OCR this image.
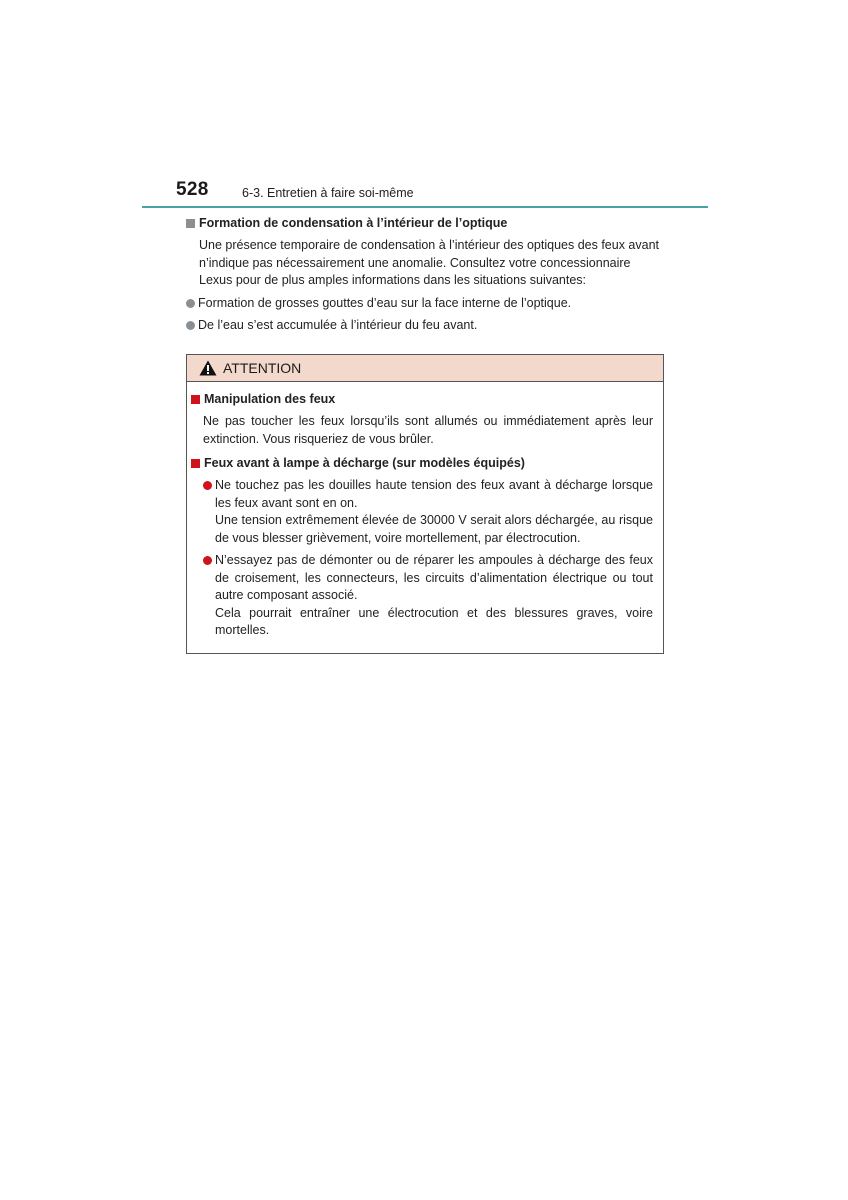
528	6-3. Entretien à faire soi-même
Formation de condensation à l’intérieur de l’optique
Une présence temporaire de condensation à l’intérieur des optiques des feux avant n’indique pas nécessairement une anomalie. Consultez votre concessionnaire Lexus pour de plus amples informations dans les situations suivantes:
Formation de grosses gouttes d’eau sur la face interne de l’optique.
De l’eau s’est accumulée à l’intérieur du feu avant.
ATTENTION
Manipulation des feux
Ne pas toucher les feux lorsqu’ils sont allumés ou immédiatement après leur extinction. Vous risqueriez de vous brûler.
Feux avant à lampe à décharge (sur modèles équipés)
Ne touchez pas les douilles haute tension des feux avant à décharge lorsque les feux avant sont en on.
Une tension extrêmement élevée de 30000 V serait alors déchargée, au risque de vous blesser grièvement, voire mortellement, par électrocution.
N’essayez pas de démonter ou de réparer les ampoules à décharge des feux de croisement, les connecteurs, les circuits d’alimentation électrique ou tout autre composant associé.
Cela pourrait entraîner une électrocution et des blessures graves, voire mortelles.
